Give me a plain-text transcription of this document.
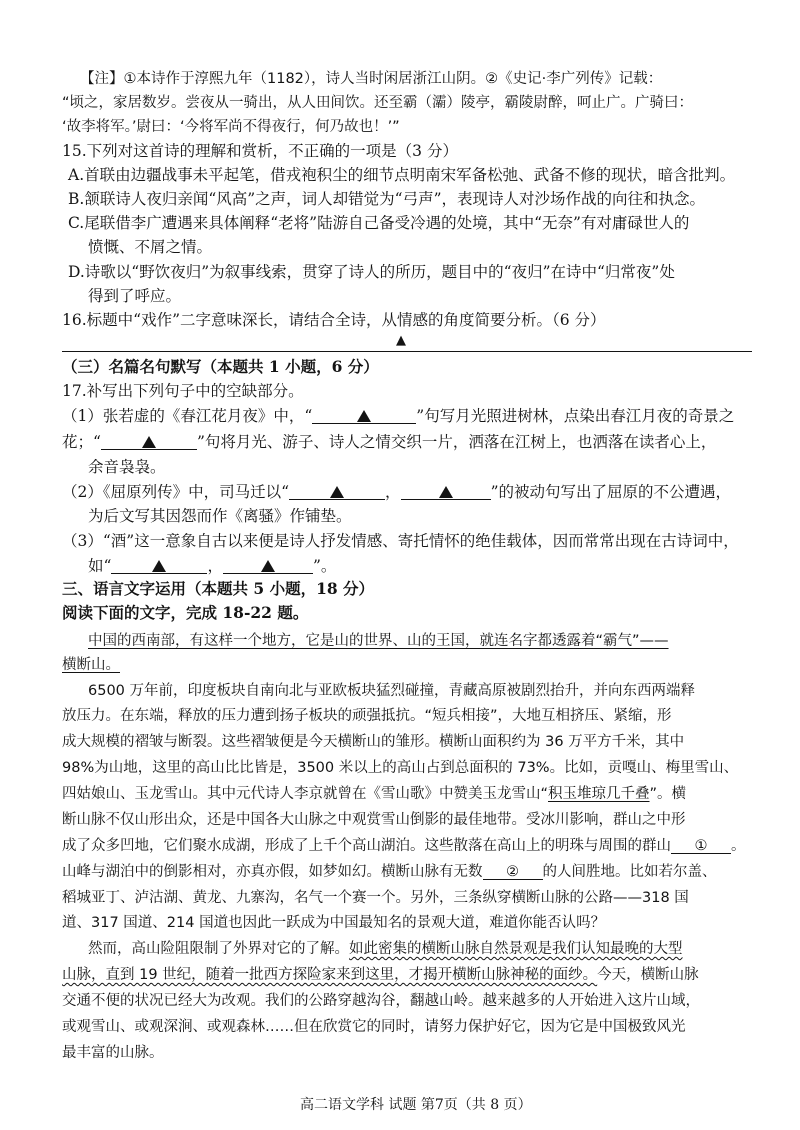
【注】①本诗作于淳熙九年（1182），诗人当时闲居浙江山阴。②《史记·李广列传》记载：
“顷之，家居数岁。尝夜从一骑出，从人田间饮。还至霸（灞）陵亭，霸陵尉醉，呵止广。广骑曰：
‘故李将军。’尉曰：‘今将军尚不得夜行，何乃故也！’”
15.下列对这首诗的理解和赏析，不正确的一项是（3 分）
A.首联由边疆战事未平起笔，借戎袍积尘的细节点明南宋军备松弛、武备不修的现状，暗含批判。
B.颔联诗人夜归亲闻“风高”之声，词人却错觉为“弓声”，表现诗人对沙场作战的向往和执念。
C.尾联借李广遭遇来具体阐释“老将”陆游自己备受冷遇的处境，其中“无奈”有对庸碌世人的
愤慨、不屑之情。
D.诗歌以“野饮夜归”为叙事线索，贯穿了诗人的所历，题目中的“夜归”在诗中“归常夜”处
得到了呼应。
16.标题中“戏作”二字意味深长，请结合全诗，从情感的角度简要分析。（6 分）
▲
（三）名篇名句默写（本题共 1 小题，6 分）
17.补写出下列句子中的空缺部分。
（1）张若虚的《春江花月夜》中，“	”句写月光照进树林，点染出春江月夜的奇景之
花；“	”句将月光、游子、诗人之情交织一片，洒落在江树上，也洒落在读者心上，
余音袅袅。
（2）《屈原列传》中，司马迁以“	，	”的被动句写出了屈原的不公遭遇，
为后文写其因怨而作《离骚》作铺垫。
（3）“酒”这一意象自古以来便是诗人抒发情感、寄托情怀的绝佳载体，因而常常出现在古诗词中，
如“	，	”。
三、语言文字运用（本题共 5 小题，18 分）
阅读下面的文字，完成 18-22 题。
中国的西南部，有这样一个地方，它是山的世界、山的王国，就连名字都透露着“霸气”——
横断山。
6500 万年前，印度板块自南向北与亚欧板块猛烈碰撞，青藏高原被剧烈抬升，并向东西两端释
放压力。在东端，释放的压力遭到扬子板块的顽强抵抗。“短兵相接”，大地互相挤压、紧缩，形
成大规模的褶皱与断裂。这些褶皱便是今天横断山的雏形。横断山面积约为 36 万平方千米，其中
98%为山地，这里的高山比比皆是，3500 米以上的高山占到总面积的 73%。比如，贡嘎山、梅里雪山、
四姑娘山、玉龙雪山。其中元代诗人李京就曾在《雪山歌》中赞美玉龙雪山“积玉堆琼几千叠”。横
断山脉不仅山形出众，还是中国各大山脉之中观赏雪山倒影的最佳地带。受冰川影响，群山之中形
成了众多凹地，它们聚水成湖，形成了上千个高山湖泊。这些散落在高山上的明珠与周围的群山 ① 。
山峰与湖泊中的倒影相对，亦真亦假，如梦如幻。横断山脉有无数 ② 的人间胜地。比如若尔盖、
稻城亚丁、泸沽湖、黄龙、九寨沟，名气一个赛一个。另外，三条纵穿横断山脉的公路——318 国
道、317 国道、214 国道也因此一跃成为中国最知名的景观大道，难道你能否认吗？
然而，高山险阻限制了外界对它的了解。如此密集的横断山脉自然景观是我们认知最晚的大型
山脉，直到 19 世纪，随着一批西方探险家来到这里，才揭开横断山脉神秘的面纱。今天，横断山脉
交通不便的状况已经大为改观。我们的公路穿越沟谷，翻越山岭。越来越多的人开始进入这片山域，
或观雪山、或观深涧、或观森林……但在欣赏它的同时，请努力保护好它，因为它是中国极致风光
最丰富的山脉。
高二语文学科 试题 第7页（共 8 页）
